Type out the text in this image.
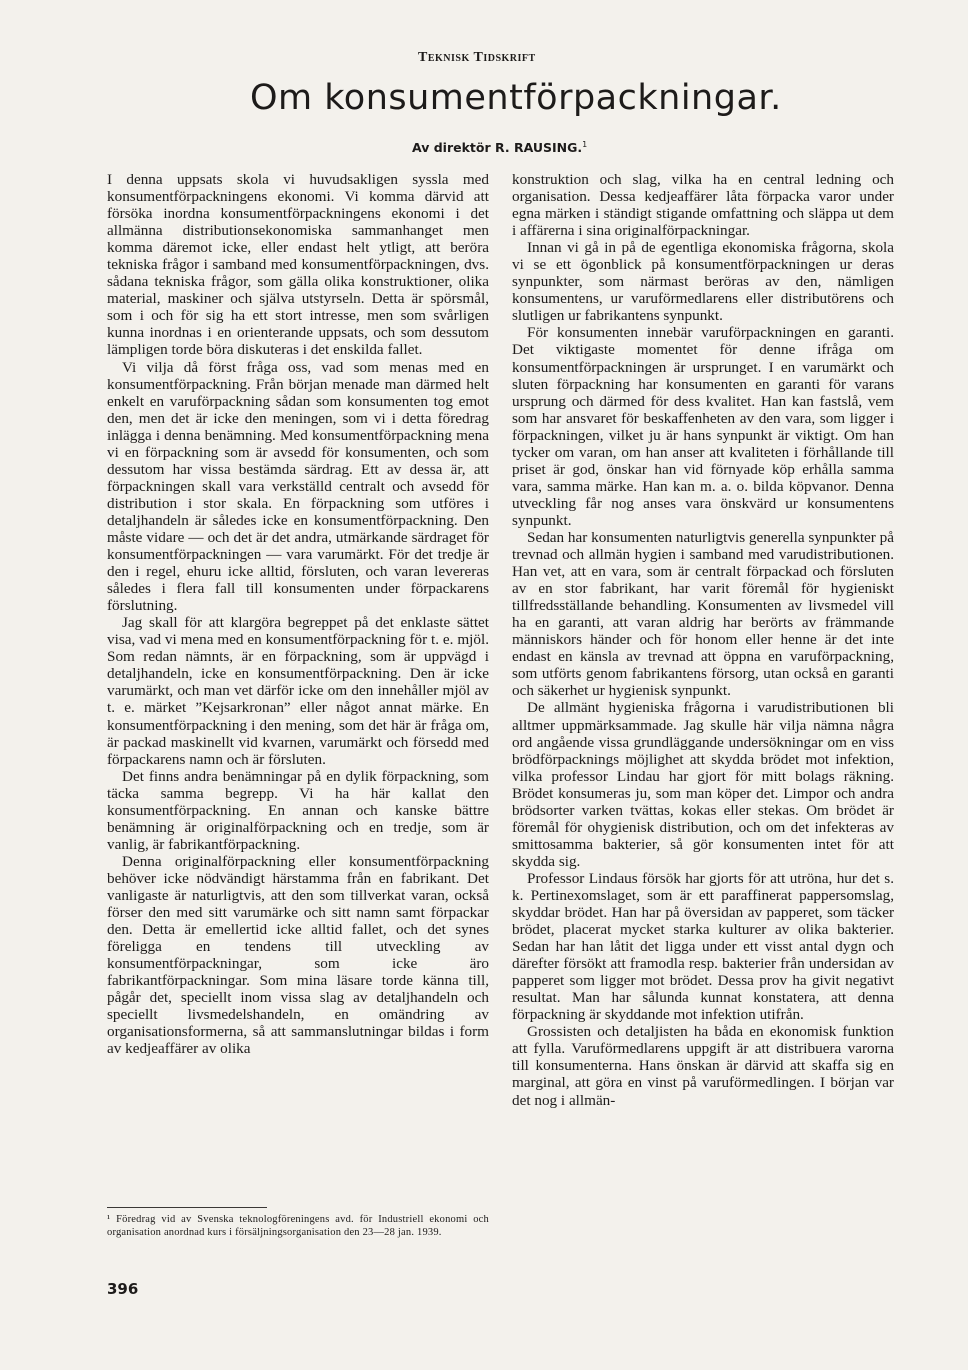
Teknisk Tidskrift
Om konsumentförpackningar.
Av direktör R. RAUSING.$^1$

I denna uppsats skola vi huvudsakligen syssla med konsumentförpackningens ekonomi. Vi komma därvid att försöka inordna konsumentförpackningens ekonomi i det allmänna distributionsekonomiska sammanhanget men komma däremot icke, eller endast helt ytligt, att beröra tekniska frågor i samband med konsumentförpackningen, dvs. sådana tekniska frågor, som gälla olika konstruktioner, olika material, maskiner och själva utstyrseln. Detta är spörsmål, som i och för sig ha ett stort intresse, men som svårligen kunna inordnas i en orienterande uppsats, och som dessutom lämpligen torde böra diskuteras i det enskilda fallet.

Vi vilja då först fråga oss, vad som menas med en konsumentförpackning. Från början menade man därmed helt enkelt en varuförpackning sådan som konsumenten tog emot den, men det är icke den meningen, som vi i detta föredrag inlägga i denna benämning. Med konsumentförpackning mena vi en förpackning som är avsedd för konsumenten, och som dessutom har vissa bestämda särdrag. Ett av dessa är, att förpackningen skall vara verkställd centralt och avsedd för distribution i stor skala. En förpackning som utföres i detaljhandeln är således icke en konsumentförpackning. Den måste vidare — och det är det andra, utmärkande särdraget för konsumentförpackningen — vara varumärkt. För det tredje är den i regel, ehuru icke alltid, försluten, och varan levereras således i flera fall till konsumenten under förpackarens förslutning.

Jag skall för att klargöra begreppet på det enklaste sättet visa, vad vi mena med en konsumentförpackning för t. e. mjöl. Som redan nämnts, är en förpackning, som är uppvägd i detaljhandeln, icke en konsumentförpackning. Den är icke varumärkt, och man vet därför icke om den innehåller mjöl av t. e. märket ”Kejsarkronan” eller något annat märke. En konsumentförpackning i den mening, som det här är fråga om, är packad maskinellt vid kvarnen, varumärkt och försedd med förpackarens namn och är försluten.

Det finns andra benämningar på en dylik förpackning, som täcka samma begrepp. Vi ha här kallat den konsumentförpackning. En annan och kanske bättre benämning är originalförpackning och en tredje, som är vanlig, är fabrikantförpackning.

Denna originalförpackning eller konsumentförpackning behöver icke nödvändigt härstamma från en fabrikant. Det vanligaste är naturligtvis, att den som tillverkat varan, också förser den med sitt varumärke och sitt namn samt förpackar den. Detta är emellertid icke alltid fallet, och det synes föreligga en tendens till utveckling av konsumentförpackningar, som icke äro fabrikantförpackningar. Som mina läsare torde känna till, pågår det, speciellt inom vissa slag av detaljhandeln och speciellt livsmedelshandeln, en omändring av organisationsformerna, så att sammanslutningar bildas i form av kedjeaffärer av olika

konstruktion och slag, vilka ha en central ledning och organisation. Dessa kedjeaffärer låta förpacka varor under egna märken i ständigt stigande omfattning och släppa ut dem i affärerna i sina originalförpackningar.

Innan vi gå in på de egentliga ekonomiska frågorna, skola vi se ett ögonblick på konsumentförpackningen ur deras synpunkter, som närmast beröras av den, nämligen konsumentens, ur varuförmedlarens eller distributörens och slutligen ur fabrikantens synpunkt.

För konsumenten innebär varuförpackningen en garanti. Det viktigaste momentet för denne ifråga om konsumentförpackningen är ursprunget. I en varumärkt och sluten förpackning har konsumenten en garanti för varans ursprung och därmed för dess kvalitet. Han kan fastslå, vem som har ansvaret för beskaffenheten av den vara, som ligger i förpackningen, vilket ju är hans synpunkt är viktigt. Om han tycker om varan, om han anser att kvaliteten i förhållande till priset är god, önskar han vid förnyade köp erhålla samma vara, samma märke. Han kan m. a. o. bilda köpvanor. Denna utveckling får nog anses vara önskvärd ur konsumentens synpunkt.

Sedan har konsumenten naturligtvis generella synpunkter på trevnad och allmän hygien i samband med varudistributionen. Han vet, att en vara, som är centralt förpackad och försluten av en stor fabrikant, har varit föremål för hygieniskt tillfredsställande behandling. Konsumenten av livsmedel vill ha en garanti, att varan aldrig har berörts av främmande människors händer och för honom eller henne är det inte endast en känsla av trevnad att öppna en varuförpackning, som utförts genom fabrikantens försorg, utan också en garanti och säkerhet ur hygienisk synpunkt.

De allmänt hygieniska frågorna i varudistributionen bli alltmer uppmärksammade. Jag skulle här vilja nämna några ord angående vissa grundläggande undersökningar om en viss brödförpacknings möjlighet att skydda brödet mot infektion, vilka professor Lindau har gjort för mitt bolags räkning. Brödet konsumeras ju, som man köper det. Limpor och andra brödsorter varken tvättas, kokas eller stekas. Om brödet är föremål för ohygienisk distribution, och om det infekteras av smittosamma bakterier, så gör konsumenten intet för att skydda sig.

Professor Lindaus försök har gjorts för att utröna, hur det s. k. Pertinexomslaget, som är ett paraffinerat pappersomslag, skyddar brödet. Han har på översidan av papperet, som täcker brödet, placerat mycket starka kulturer av olika bakterier. Sedan har han låtit det ligga under ett visst antal dygn och därefter försökt att framodla resp. bakterier från undersidan av papperet som ligger mot brödet. Dessa prov ha givit negativt resultat. Man har sålunda kunnat konstatera, att denna förpackning är skyddande mot infektion utifrån.

Grossisten och detaljisten ha båda en ekonomisk funktion att fylla. Varuförmedlarens uppgift är att distribuera varorna till konsumenterna. Hans önskan är därvid att skaffa sig en marginal, att göra en vinst på varuförmedlingen. I början var det nog i allmän-

¹ Föredrag vid av Svenska teknologföreningens avd. för Industriell ekonomi och organisation anordnad kurs i försäljningsorganisation den 23—28 jan. 1939.

396
